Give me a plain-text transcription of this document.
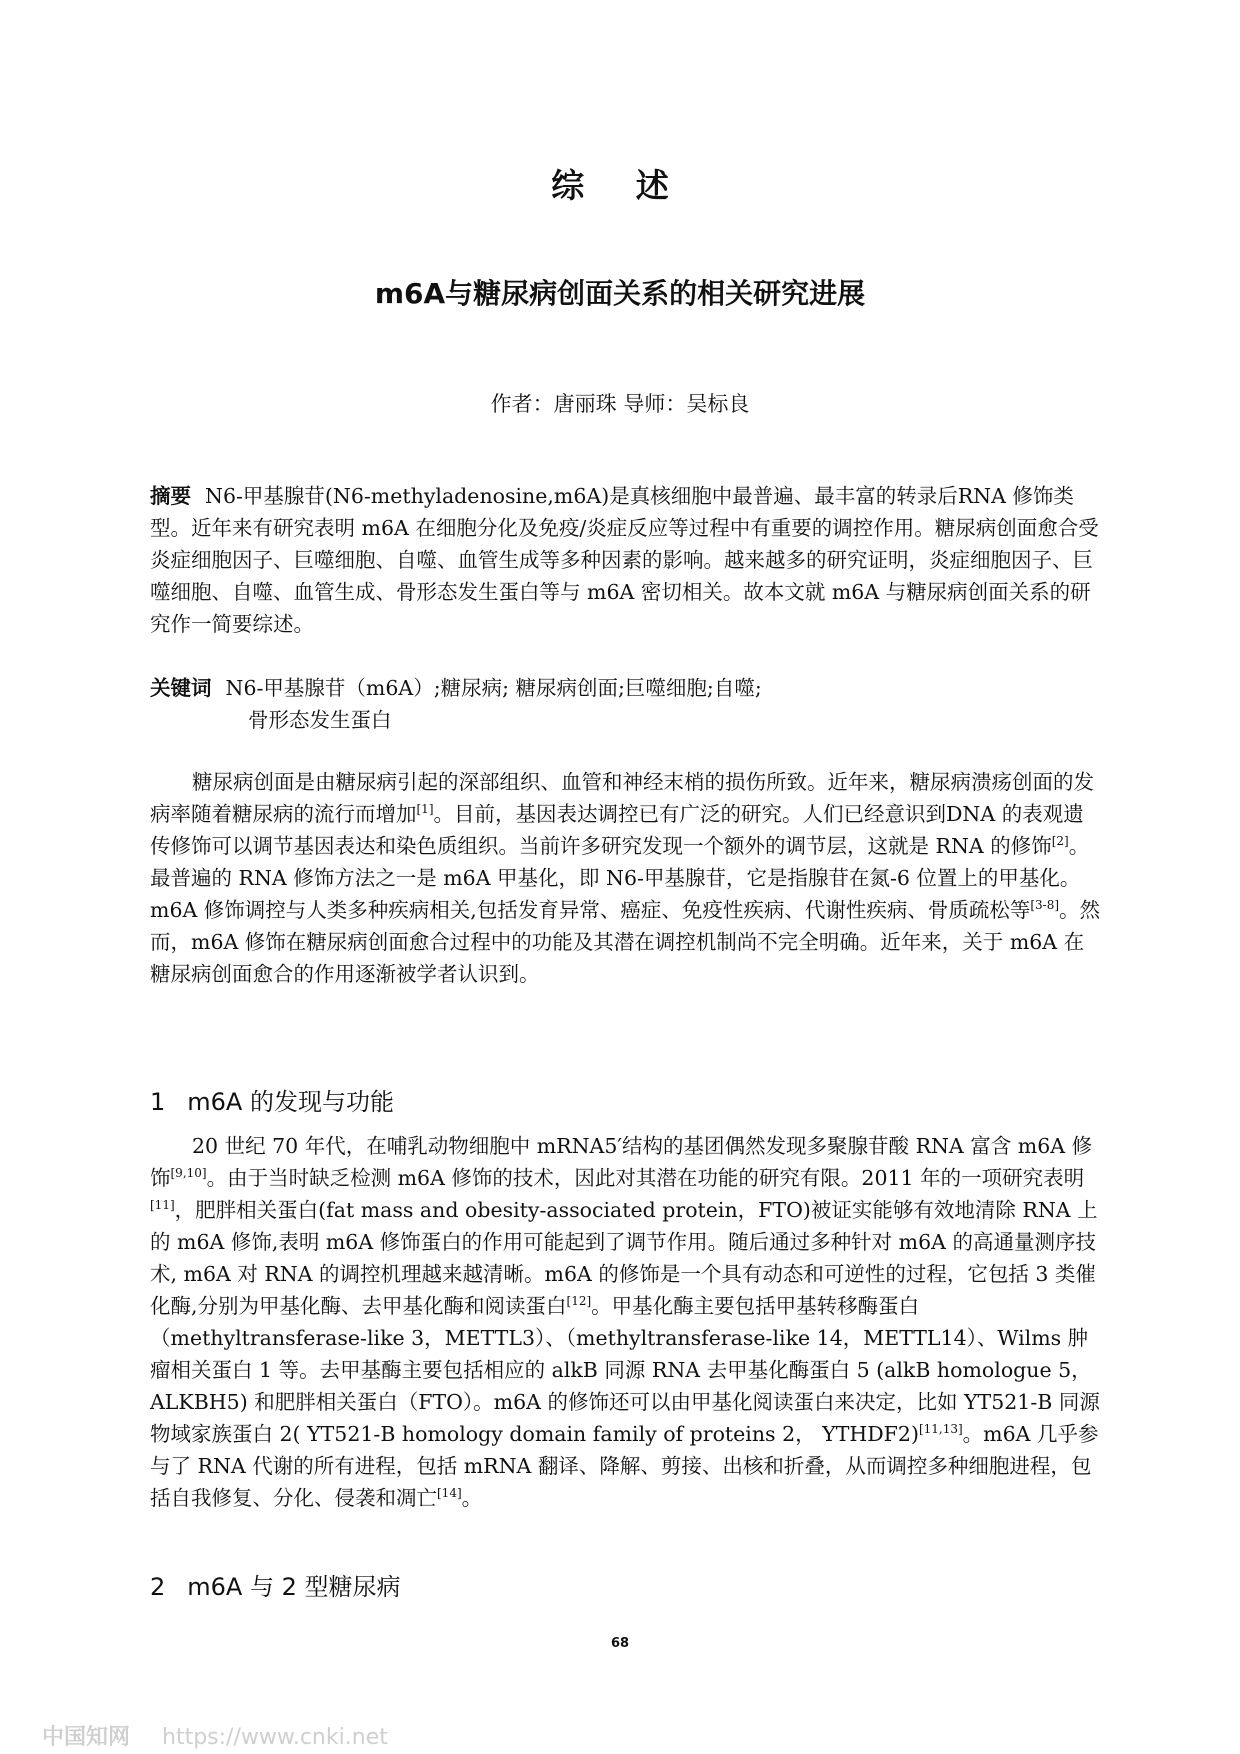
综 述
m6A与糖尿病创面关系的相关研究进展
作者：唐丽珠 导师：吴标良
摘要 N6-甲基腺苷(N6-methyladenosine,m6A)是真核细胞中最普遍、最丰富的转录后RNA 修饰类型。近年来有研究表明 m6A 在细胞分化及免疫/炎症反应等过程中有重要的调控作用。糖尿病创面愈合受炎症细胞因子、巨噬细胞、自噬、血管生成等多种因素的影响。越来越多的研究证明，炎症细胞因子、巨噬细胞、自噬、血管生成、骨形态发生蛋白等与 m6A 密切相关。故本文就 m6A 与糖尿病创面关系的研究作一简要综述。
关键词 N6-甲基腺苷（m6A）;糖尿病; 糖尿病创面;巨噬细胞;自噬;
骨形态发生蛋白

糖尿病创面是由糖尿病引起的深部组织、血管和神经末梢的损伤所致。近年来，糖尿病溃疡创面的发病率随着糖尿病的流行而增加[1]。目前，基因表达调控已有广泛的研究。人们已经意识到DNA 的表观遗传修饰可以调节基因表达和染色质组织。当前许多研究发现一个额外的调节层，这就是 RNA 的修饰[2]。最普遍的 RNA 修饰方法之一是 m6A 甲基化，即 N6-甲基腺苷，它是指腺苷在氮-6 位置上的甲基化。m6A 修饰调控与人类多种疾病相关,包括发育异常、癌症、免疫性疾病、代谢性疾病、骨质疏松等[3-8]。然而，m6A 修饰在糖尿病创面愈合过程中的功能及其潜在调控机制尚不完全明确。近年来，关于 m6A 在糖尿病创面愈合的作用逐渐被学者认识到。

1 m6A 的发现与功能

20 世纪 70 年代，在哺乳动物细胞中 mRNA5′结构的基团偶然发现多聚腺苷酸 RNA 富含 m6A 修饰[9,10]。由于当时缺乏检测 m6A 修饰的技术，因此对其潜在功能的研究有限。2011 年的一项研究表明[11]，肥胖相关蛋白(fat mass and obesity-associated protein，FTO)被证实能够有效地清除 RNA 上的 m6A 修饰,表明 m6A 修饰蛋白的作用可能起到了调节作用。随后通过多种针对 m6A 的高通量测序技术, m6A 对 RNA 的调控机理越来越清晰。m6A 的修饰是一个具有动态和可逆性的过程，它包括 3 类催化酶,分别为甲基化酶、去甲基化酶和阅读蛋白[12]。甲基化酶主要包括甲基转移酶蛋白（methyltransferase-like 3，METTL3）、（methyltransferase-like 14，METTL14）、Wilms 肿瘤相关蛋白 1 等。去甲基酶主要包括相应的 alkB 同源 RNA 去甲基化酶蛋白 5 (alkB homologue 5，ALKBH5) 和肥胖相关蛋白（FTO）。m6A 的修饰还可以由甲基化阅读蛋白来决定，比如 YT521-B 同源物域家族蛋白 2( YT521-B homology domain family of proteins 2， YTHDF2)[11,13]。m6A 几乎参与了 RNA 代谢的所有进程，包括 mRNA 翻译、降解、剪接、出核和折叠，从而调控多种细胞进程，包括自我修复、分化、侵袭和凋亡[14]。

2 m6A 与 2 型糖尿病
68
中国知网 https://www.cnki.net
